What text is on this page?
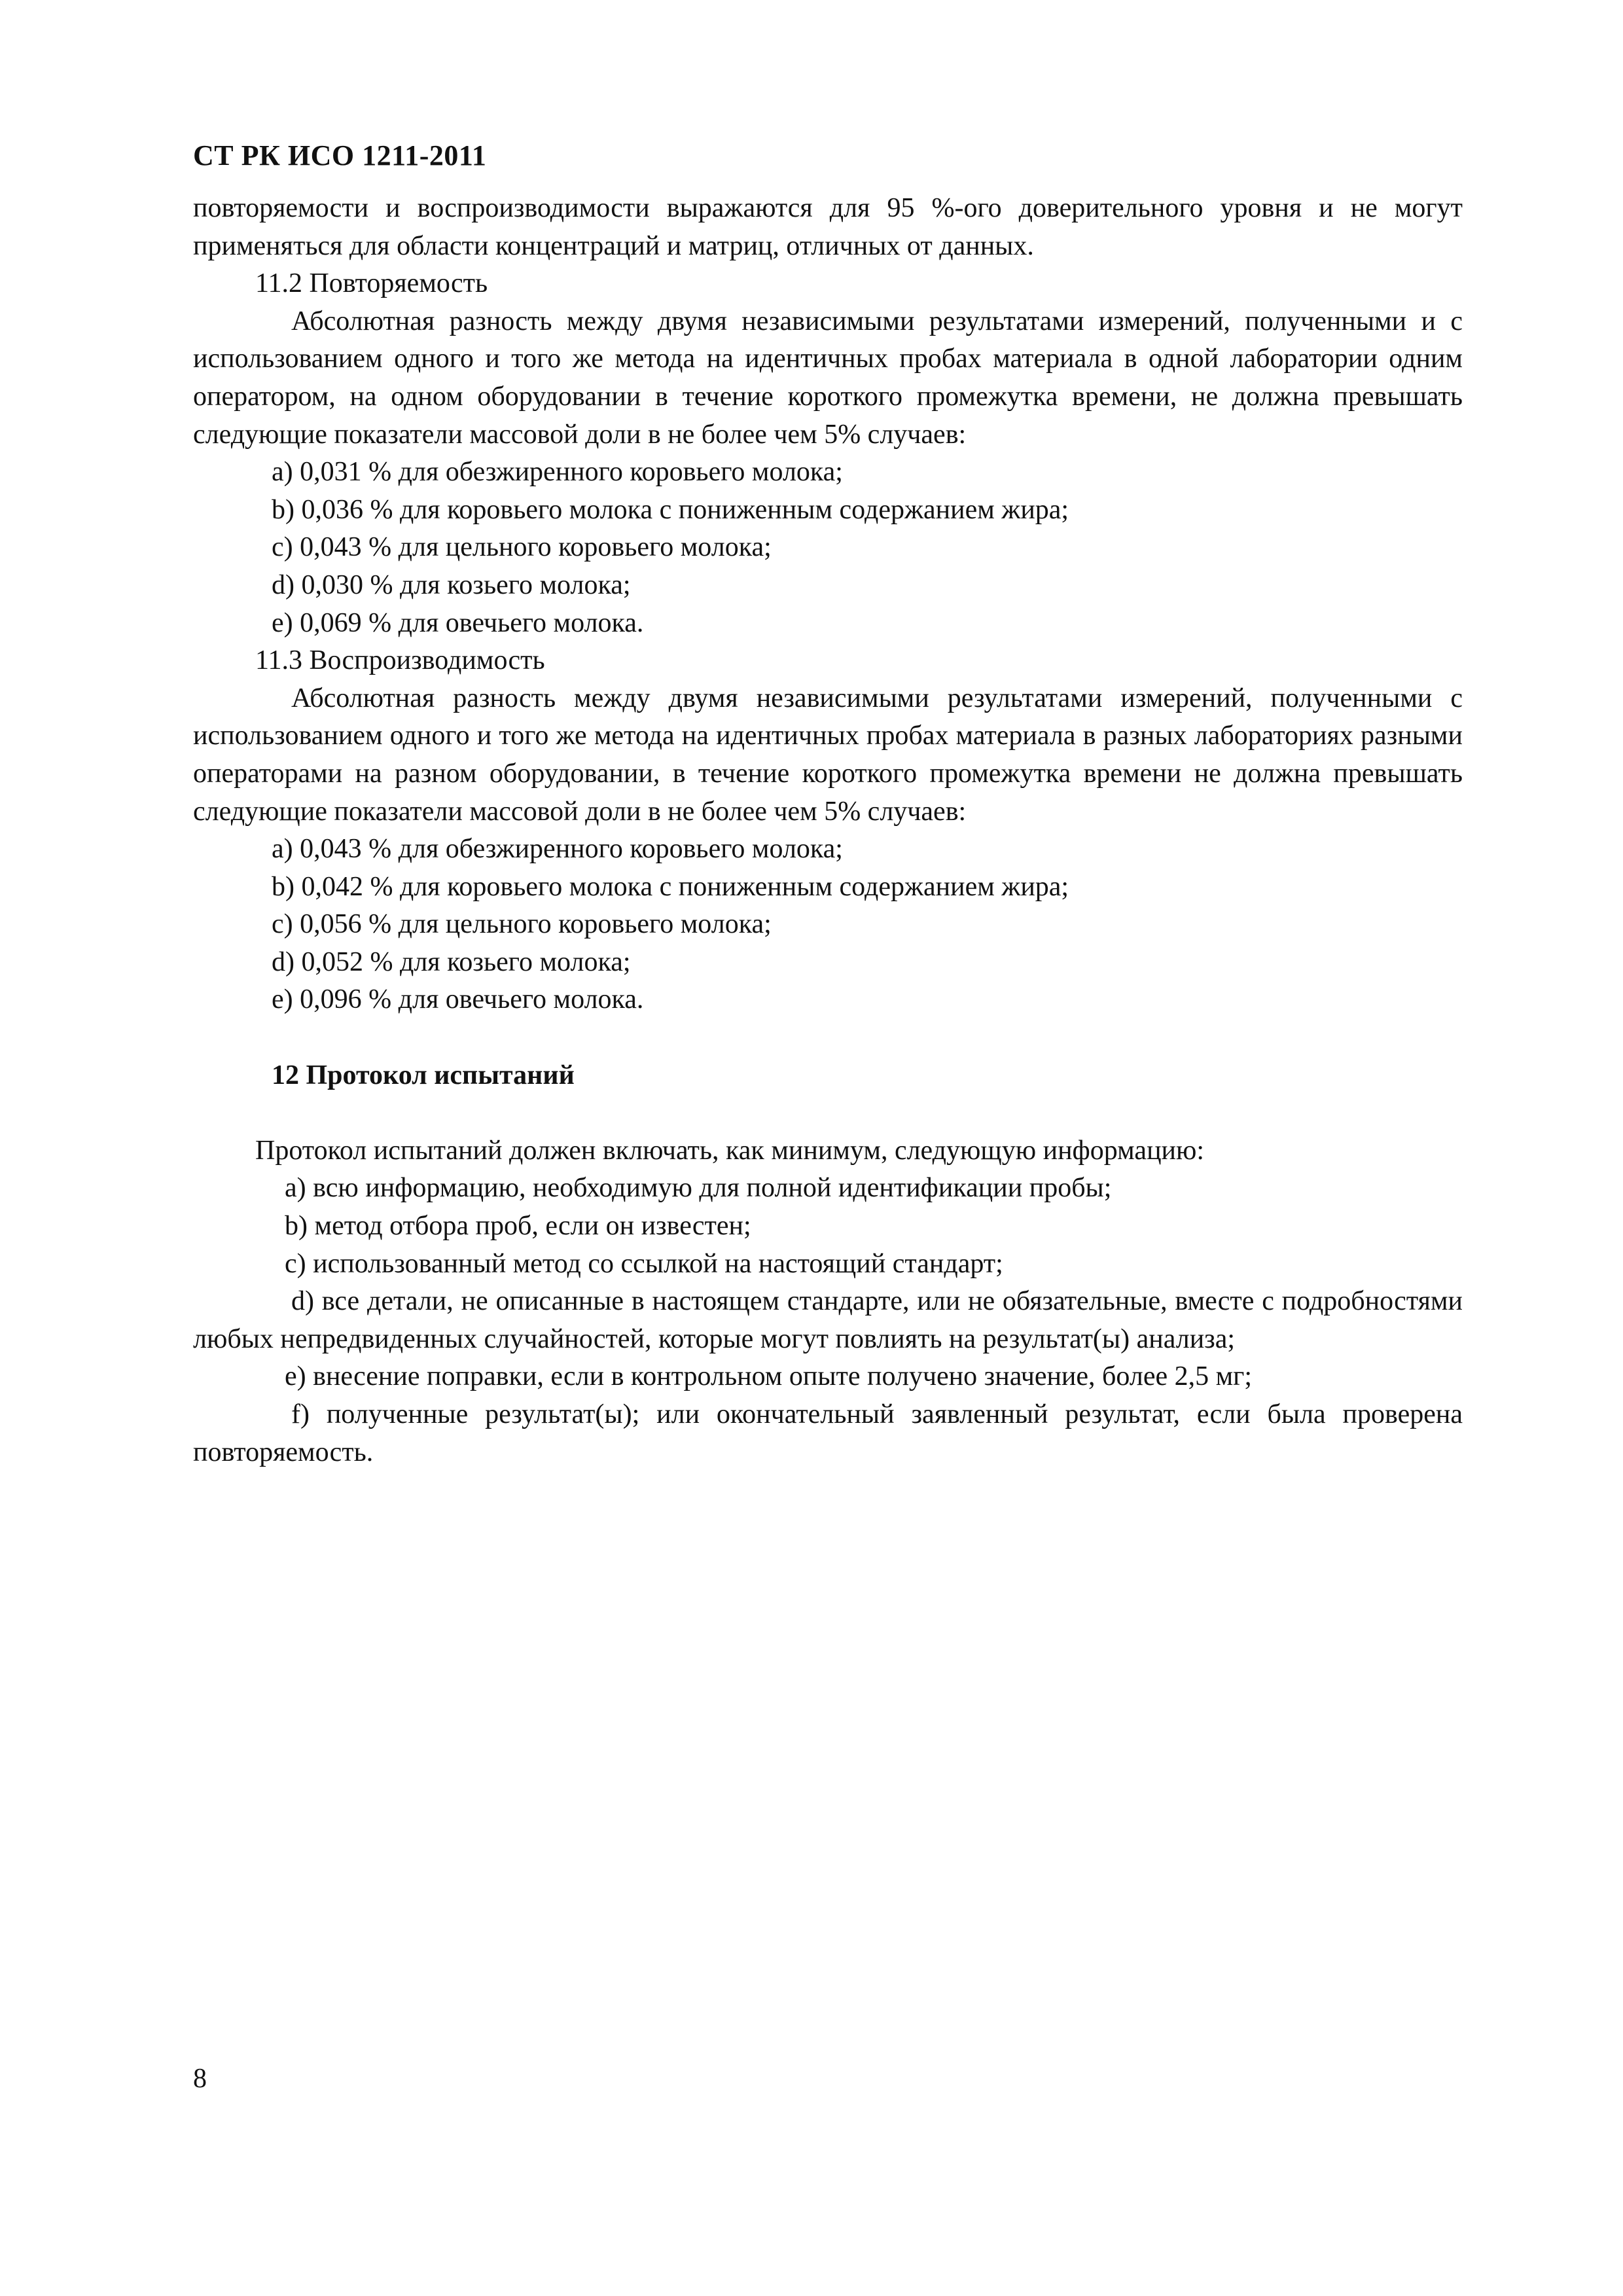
СТ РК ИСО 1211-2011

повторяемости и воспроизводимости выражаются для 95 %-ого доверительного уровня и не могут применяться для области концентраций и матриц, отличных от данных.

11.2 Повторяемость

Абсолютная разность между двумя независимыми результатами измерений, полученными и с использованием одного и того же метода на идентичных пробах материала в одной лаборатории одним оператором, на одном оборудовании в течение короткого промежутка времени, не должна превышать следующие показатели массовой доли в не более чем 5% случаев:

a) 0,031 % для обезжиренного коровьего молока;

b) 0,036 % для коровьего молока с пониженным содержанием жира;

c) 0,043 % для цельного коровьего молока;

d) 0,030 % для козьего молока;

e) 0,069 % для овечьего молока.

11.3 Воспроизводимость

Абсолютная разность между двумя независимыми результатами измерений, полученными с использованием одного и того же метода на идентичных пробах материала в разных лабораториях разными операторами на разном оборудовании, в течение короткого промежутка времени не должна превышать следующие показатели массовой доли в не более чем 5% случаев:

a) 0,043 % для обезжиренного коровьего молока;

b) 0,042 % для коровьего молока с пониженным содержанием жира;

c) 0,056 % для цельного коровьего молока;

d) 0,052 % для козьего молока;

e) 0,096 % для овечьего молока.

12 Протокол испытаний

Протокол испытаний должен включать, как минимум, следующую информацию:

a) всю информацию, необходимую для полной идентификации пробы;

b) метод отбора проб, если он известен;

c) использованный метод со ссылкой на настоящий стандарт;

d) все детали, не описанные в настоящем стандарте, или не обязательные, вместе с подробностями любых непредвиденных случайностей, которые могут повлиять на результат(ы) анализа;

e) внесение поправки, если в контрольном опыте получено значение, более 2,5 мг;

f) полученные результат(ы); или окончательный заявленный результат, если была проверена повторяемость.

8
